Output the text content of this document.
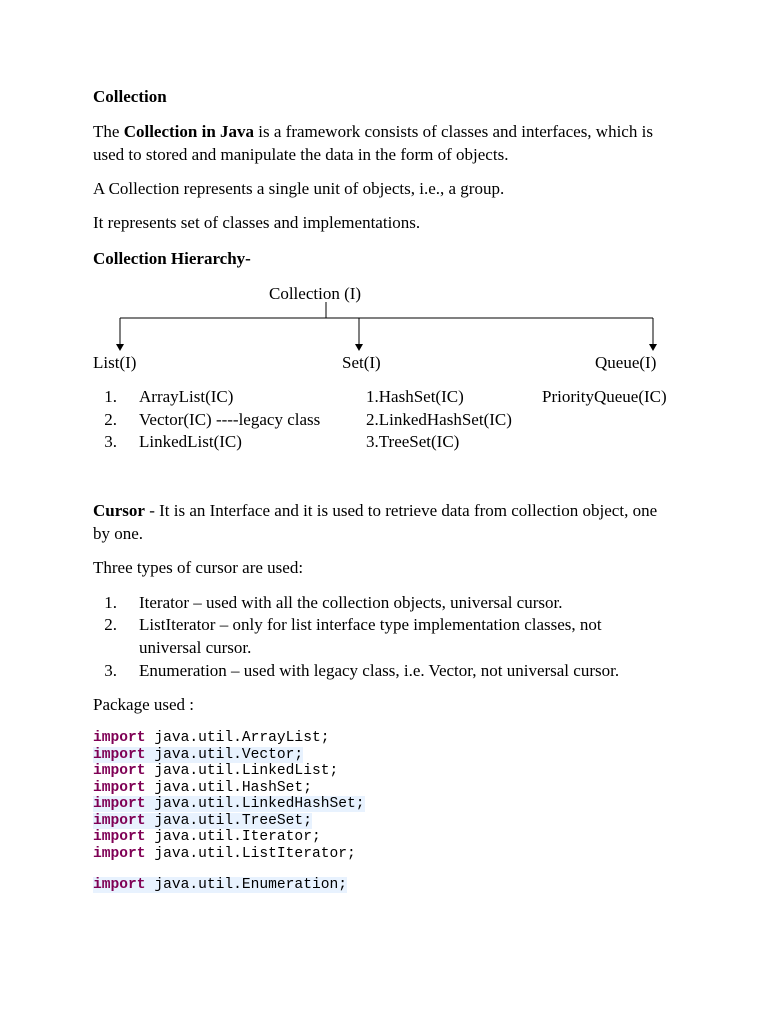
Collection
The Collection in Java is a framework consists of classes and interfaces, which is used to stored and manipulate the data in the form of objects.
A Collection represents a single unit of objects, i.e., a group.
It represents set of classes and implementations.
Collection Hierarchy-
Collection (I)
List(I)	Set(I)	Queue(I)
1. ArrayList(IC)
2. Vector(IC) ----legacy class
3. LinkedList(IC)
1.HashSet(IC)
2.LinkedHashSet(IC)
3.TreeSet(IC)
PriorityQueue(IC)
Cursor - It is an Interface and it is used to retrieve data from collection object, one by one.
Three types of cursor are used:
1. Iterator – used with all the collection objects, universal cursor.
2. ListIterator – only for list interface type implementation classes, not universal cursor.
3. Enumeration – used with legacy class, i.e. Vector, not universal cursor.
Package used :
import java.util.ArrayList;
import java.util.Vector;
import java.util.LinkedList;
import java.util.HashSet;
import java.util.LinkedHashSet;
import java.util.TreeSet;
import java.util.Iterator;
import java.util.ListIterator;
import java.util.Enumeration;
